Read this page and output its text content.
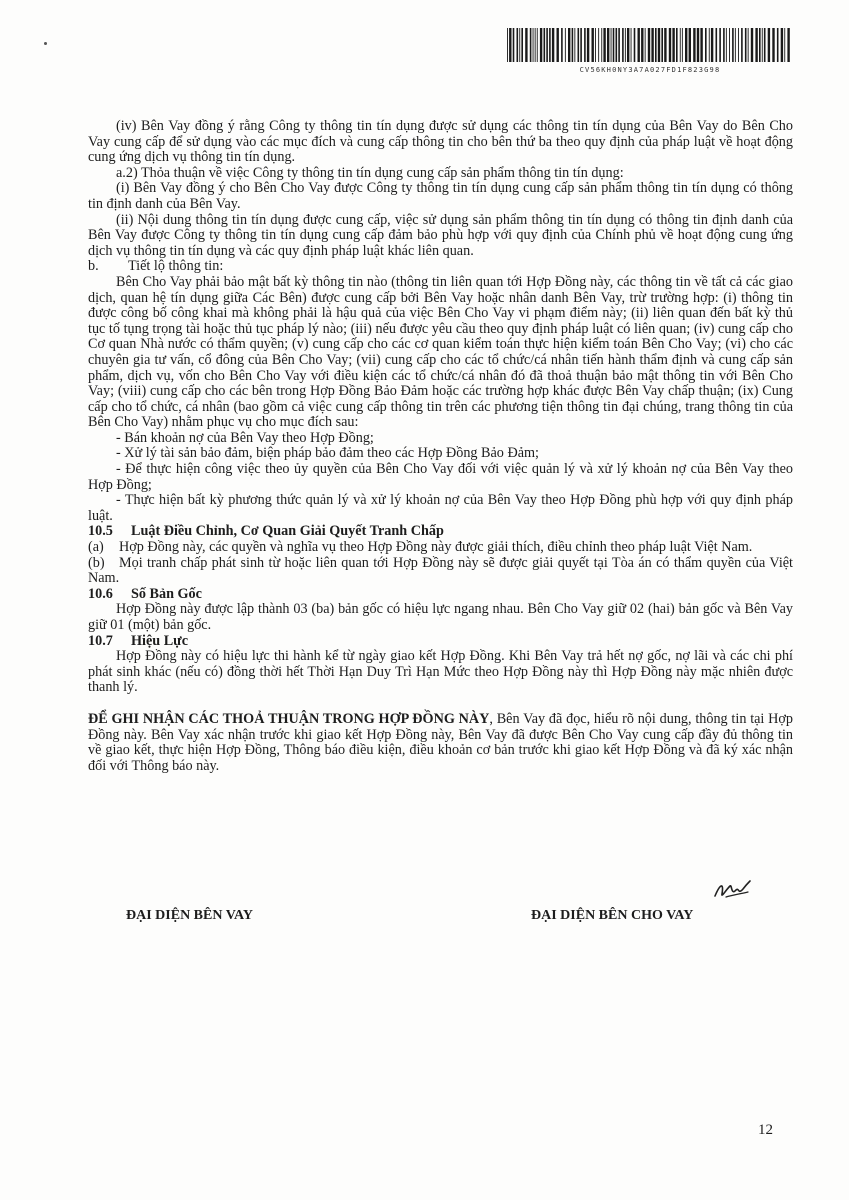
CV56KH0NY3A7A027FD1F823G98

(iv) Bên Vay đồng ý rằng Công ty thông tin tín dụng được sử dụng các thông tin tín dụng của Bên Vay do Bên Cho Vay cung cấp để sử dụng vào các mục đích và cung cấp thông tin cho bên thứ ba theo quy định của pháp luật về hoạt động cung ứng dịch vụ thông tin tín dụng.

a.2) Thỏa thuận về việc Công ty thông tin tín dụng cung cấp sản phẩm thông tin tín dụng:

(i) Bên Vay đồng ý cho Bên Cho Vay được Công ty thông tin tín dụng cung cấp sản phẩm thông tin tín dụng có thông tin định danh của Bên Vay.

(ii) Nội dung thông tin tín dụng được cung cấp, việc sử dụng sản phẩm thông tin tín dụng có thông tin định danh của Bên Vay được Công ty thông tin tín dụng cung cấp đảm bảo phù hợp với quy định của Chính phủ về hoạt động cung ứng dịch vụ thông tin tín dụng và các quy định pháp luật khác liên quan.

b. Tiết lộ thông tin:

Bên Cho Vay phải bảo mật bất kỳ thông tin nào (thông tin liên quan tới Hợp Đồng này, các thông tin về tất cả các giao dịch, quan hệ tín dụng giữa Các Bên) được cung cấp bởi Bên Vay hoặc nhân danh Bên Vay, trừ trường hợp: (i) thông tin được công bố công khai mà không phải là hậu quả của việc Bên Cho Vay vi phạm điểm này; (ii) liên quan đến bất kỳ thủ tục tố tụng trọng tài hoặc thủ tục pháp lý nào; (iii) nếu được yêu cầu theo quy định pháp luật có liên quan; (iv) cung cấp cho Cơ quan Nhà nước có thẩm quyền; (v) cung cấp cho các cơ quan kiểm toán thực hiện kiểm toán Bên Cho Vay; (vi) cho các chuyên gia tư vấn, cổ đông của Bên Cho Vay; (vii) cung cấp cho các tổ chức/cá nhân tiến hành thẩm định và cung cấp sản phẩm, dịch vụ, vốn cho Bên Cho Vay với điều kiện các tổ chức/cá nhân đó đã thoả thuận bảo mật thông tin với Bên Cho Vay; (viii) cung cấp cho các bên trong Hợp Đồng Bảo Đảm hoặc các trường hợp khác được Bên Vay chấp thuận; (ix) Cung cấp cho tổ chức, cá nhân (bao gồm cả việc cung cấp thông tin trên các phương tiện thông tin đại chúng, trang thông tin của Bên Cho Vay) nhằm phục vụ cho mục đích sau:

- Bán khoản nợ của Bên Vay theo Hợp Đồng;

- Xử lý tài sản bảo đảm, biện pháp bảo đảm theo các Hợp Đồng Bảo Đảm;

- Để thực hiện công việc theo ủy quyền của Bên Cho Vay đối với việc quản lý và xử lý khoản nợ của Bên Vay theo Hợp Đồng;

- Thực hiện bất kỳ phương thức quản lý và xử lý khoản nợ của Bên Vay theo Hợp Đồng phù hợp với quy định pháp luật.

10.5 Luật Điều Chỉnh, Cơ Quan Giải Quyết Tranh Chấp

(a) Hợp Đồng này, các quyền và nghĩa vụ theo Hợp Đồng này được giải thích, điều chỉnh theo pháp luật Việt Nam.

(b) Mọi tranh chấp phát sinh từ hoặc liên quan tới Hợp Đồng này sẽ được giải quyết tại Tòa án có thẩm quyền của Việt Nam.

10.6 Số Bản Gốc

Hợp Đồng này được lập thành 03 (ba) bản gốc có hiệu lực ngang nhau. Bên Cho Vay giữ 02 (hai) bản gốc và Bên Vay giữ 01 (một) bản gốc.

10.7 Hiệu Lực

Hợp Đồng này có hiệu lực thi hành kể từ ngày giao kết Hợp Đồng. Khi Bên Vay trả hết nợ gốc, nợ lãi và các chi phí phát sinh khác (nếu có) đồng thời hết Thời Hạn Duy Trì Hạn Mức theo Hợp Đồng này thì Hợp Đồng này mặc nhiên được thanh lý.

ĐỂ GHI NHẬN CÁC THOẢ THUẬN TRONG HỢP ĐỒNG NÀY, Bên Vay đã đọc, hiểu rõ nội dung, thông tin tại Hợp Đồng này. Bên Vay xác nhận trước khi giao kết Hợp Đồng này, Bên Vay đã được Bên Cho Vay cung cấp đầy đủ thông tin về giao kết, thực hiện Hợp Đồng, Thông báo điều kiện, điều khoản cơ bản trước khi giao kết Hợp Đồng và đã ký xác nhận đối với Thông báo này.

ĐẠI DIỆN BÊN VAY	ĐẠI DIỆN BÊN CHO VAY
12
